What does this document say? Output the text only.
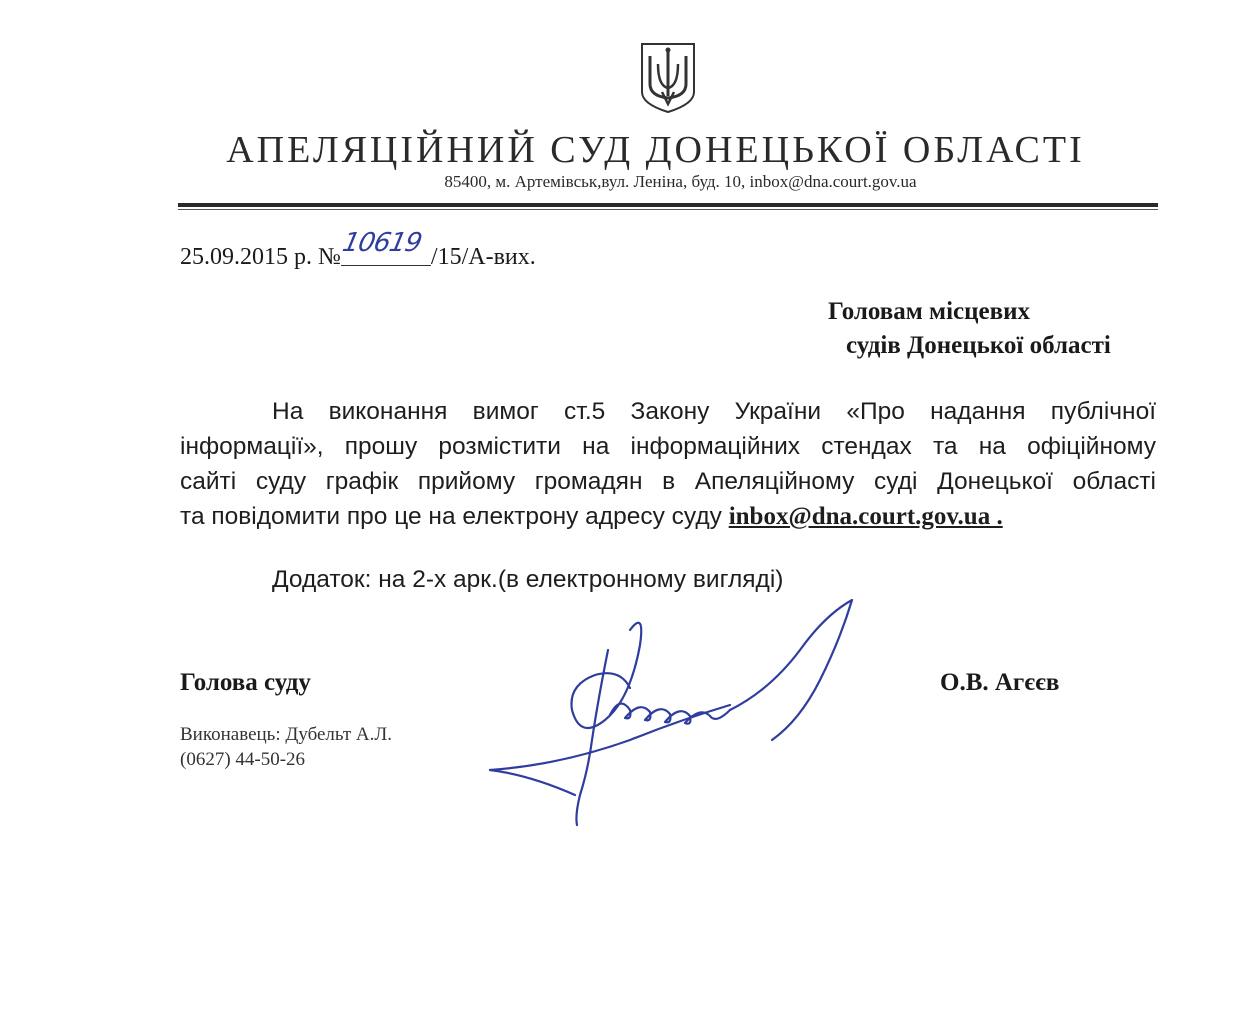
АПЕЛЯЦІЙНИЙ СУД ДОНЕЦЬКОЇ ОБЛАСТІ
85400, м. Артемівськ,вул. Леніна, буд. 10, inbox@dna.court.gov.ua
25.09.2015 р. №
10619 /15/А-вих.
Головам місцевих
судів Донецької області
На виконання вимог ст.5 Закону України «Про надання публічної
інформації», прошу розмістити на інформаційних стендах та на офіційному
сайті суду графік прийому громадян в Апеляційному суді Донецької області
та повідомити про це на електрону адресу суду inbox@dna.court.gov.ua .
Додаток: на 2-х арк.(в електронному вигляді)
Голова суду	О.В. Агєєв
Виконавець: Дубельт А.Л.
(0627) 44-50-26
